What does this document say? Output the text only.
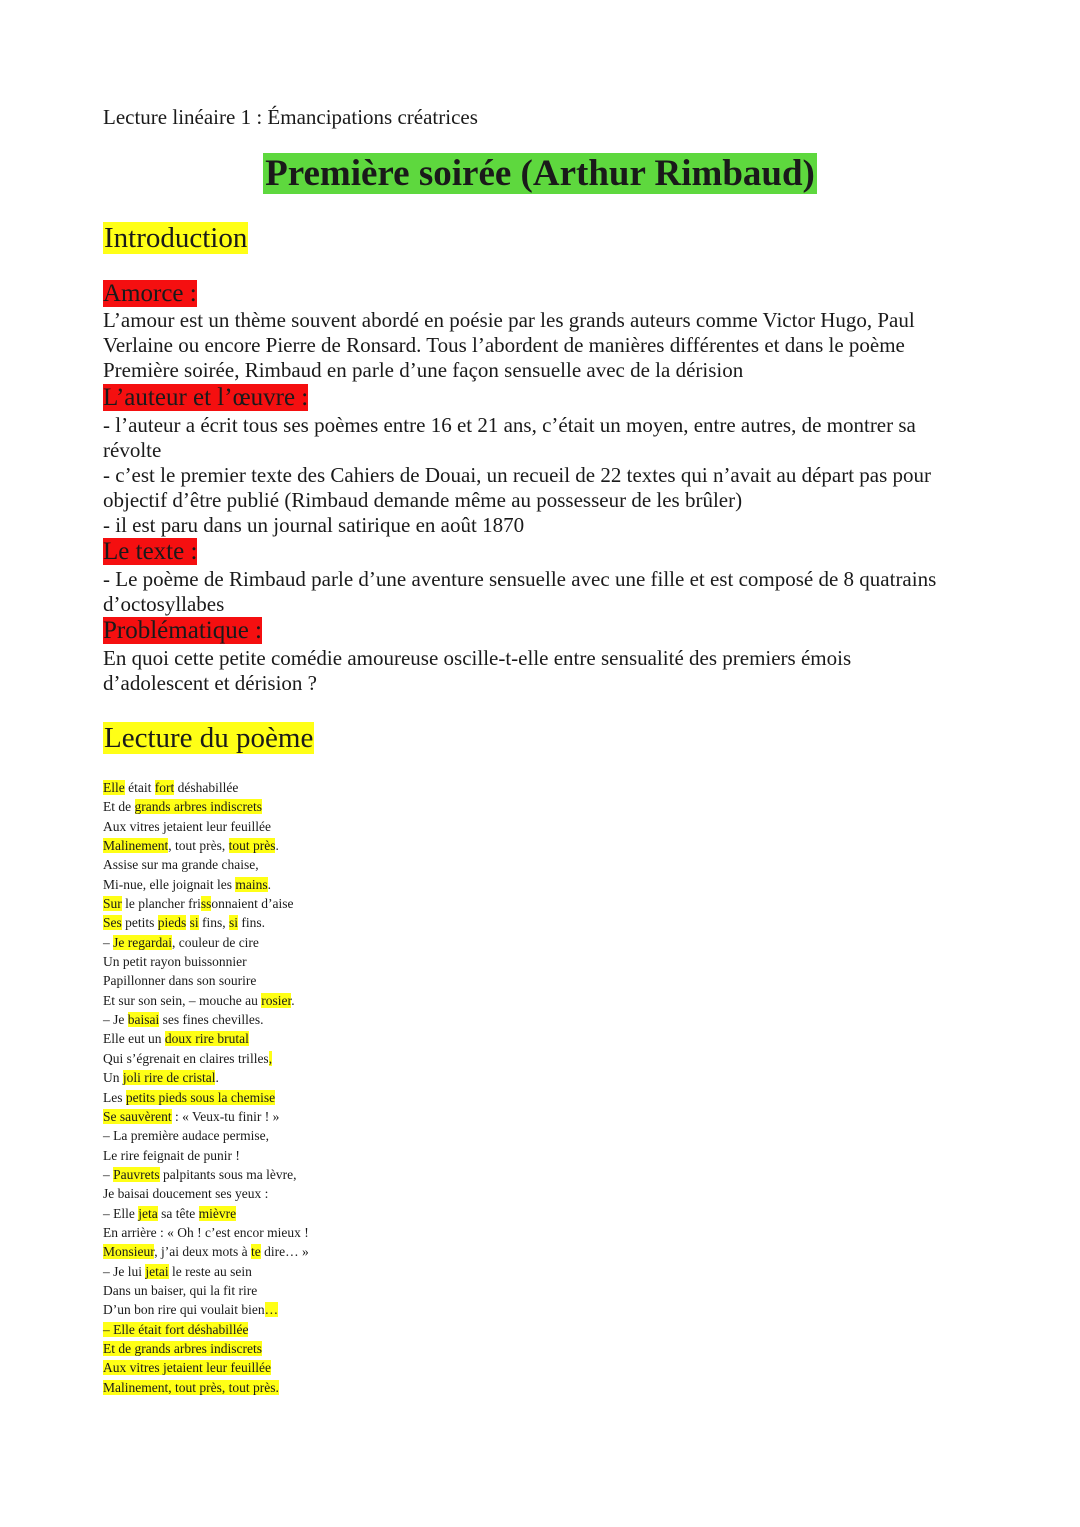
Lecture linéaire 1 : Émancipations créatrices
Première soirée (Arthur Rimbaud)
Introduction
Amorce :
L’amour est un thème souvent abordé en poésie par les grands auteurs comme Victor Hugo, Paul
Verlaine ou encore Pierre de Ronsard. Tous l’abordent de manières différentes et dans le poème
Première soirée, Rimbaud en parle d’une façon sensuelle avec de la dérision
L’auteur et l’œuvre :
- l’auteur a écrit tous ses poèmes entre 16 et 21 ans, c’était un moyen, entre autres, de montrer sa
révolte
- c’est le premier texte des Cahiers de Douai, un recueil de 22 textes qui n’avait au départ pas pour
objectif d’être publié (Rimbaud demande même au possesseur de les brûler)
- il est paru dans un journal satirique en août 1870
Le texte :
- Le poème de Rimbaud parle d’une aventure sensuelle avec une fille et est composé de 8 quatrains
d’octosyllabes
Problématique :
En quoi cette petite comédie amoureuse oscille-t-elle entre sensualité des premiers émois
d’adolescent et dérision ?
Lecture du poème
Elle était fort déshabillée
Et de grands arbres indiscrets
Aux vitres jetaient leur feuillée
Malinement, tout près, tout près.
Assise sur ma grande chaise,
Mi-nue, elle joignait les mains.
Sur le plancher frissonnaient d’aise
Ses petits pieds si fins, si fins.
– Je regardai, couleur de cire
Un petit rayon buissonnier
Papillonner dans son sourire
Et sur son sein, – mouche au rosier.
– Je baisai ses fines chevilles.
Elle eut un doux rire brutal
Qui s’égrenait en claires trilles,
Un joli rire de cristal.
Les petits pieds sous la chemise
Se sauvèrent : « Veux-tu finir ! »
– La première audace permise,
Le rire feignait de punir !
– Pauvrets palpitants sous ma lèvre,
Je baisai doucement ses yeux :
– Elle jeta sa tête mièvre
En arrière : « Oh ! c’est encor mieux !
Monsieur, j’ai deux mots à te dire… »
– Je lui jetai le reste au sein
Dans un baiser, qui la fit rire
D’un bon rire qui voulait bien…
– Elle était fort déshabillée
Et de grands arbres indiscrets
Aux vitres jetaient leur feuillée
Malinement, tout près, tout près.
